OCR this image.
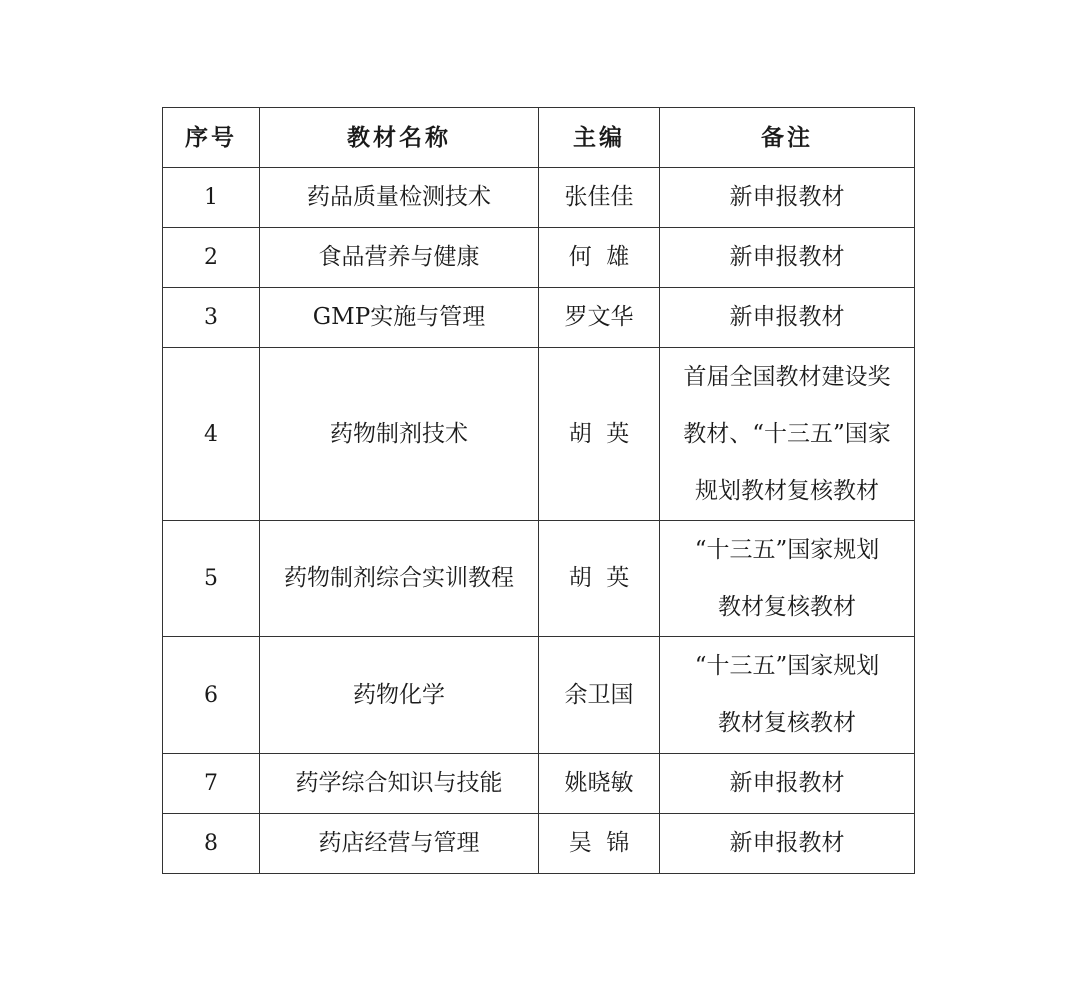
序号	教材名称	主编	备注
1	药品质量检测技术	张佳佳	新申报教材

2	食品营养与健康	何  雄	新申报教材

3	GMP实施与管理	罗文华	新申报教材

4	药物制剂技术	胡  英	首届全国教材建设奖
教材、“十三五”国家
规划教材复核教材

5	药物制剂综合实训教程	胡  英	“十三五”国家规划
教材复核教材

6	药物化学	余卫国	“十三五”国家规划
教材复核教材

7	药学综合知识与技能	姚晓敏	新申报教材

8	药店经营与管理	吴  锦	新申报教材
